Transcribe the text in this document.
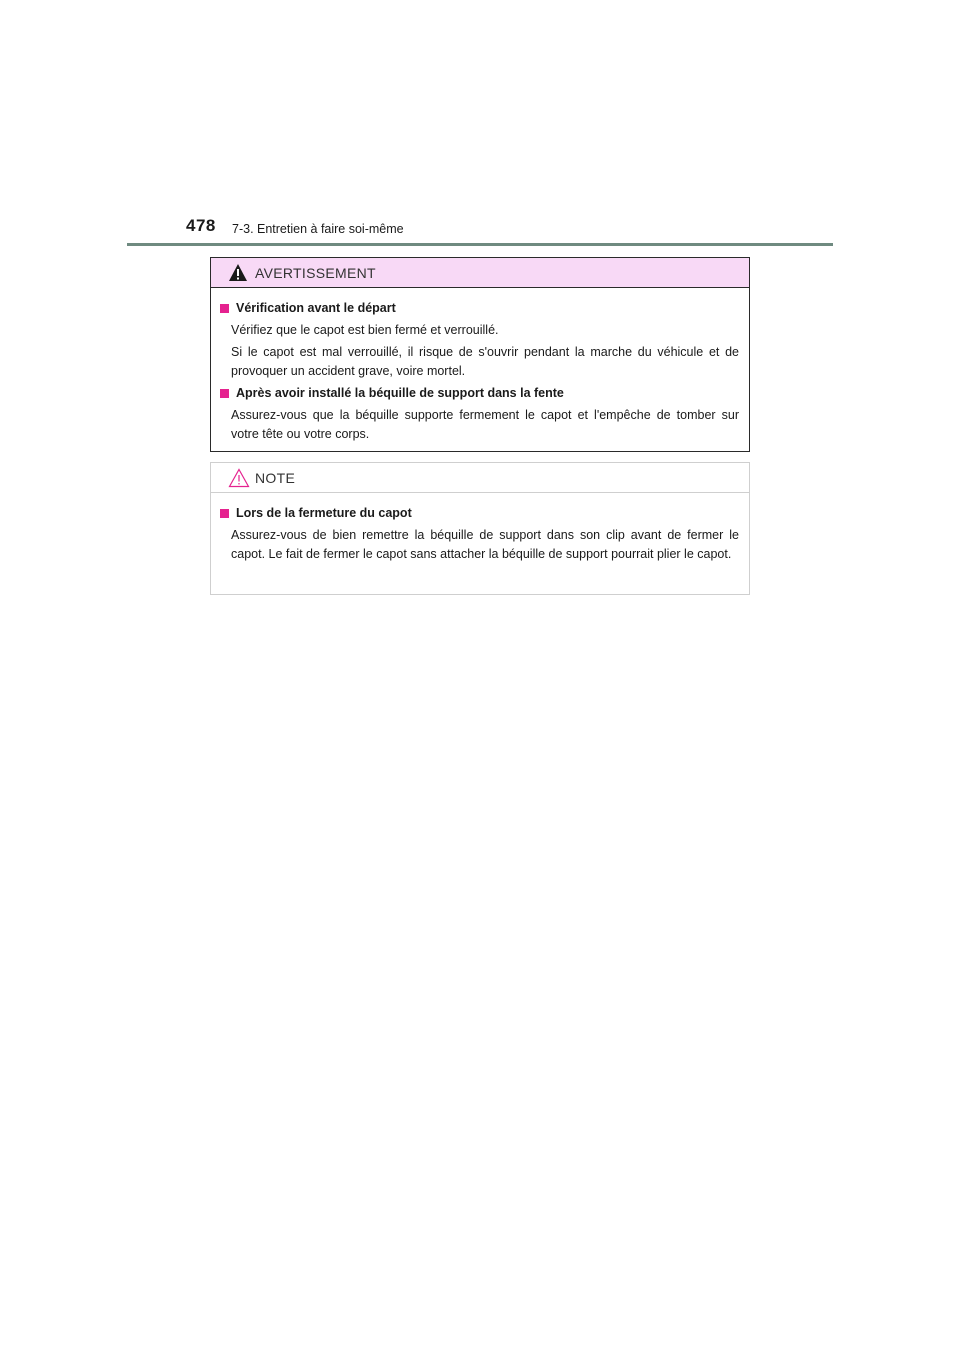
478 7-3. Entretien à faire soi-même
AVERTISSEMENT
Vérification avant le départ
Vérifiez que le capot est bien fermé et verrouillé.
Si le capot est mal verrouillé, il risque de s'ouvrir pendant la marche du véhicule et de provoquer un accident grave, voire mortel.
Après avoir installé la béquille de support dans la fente
Assurez-vous que la béquille supporte fermement le capot et l'empêche de tomber sur votre tête ou votre corps.
NOTE
Lors de la fermeture du capot
Assurez-vous de bien remettre la béquille de support dans son clip avant de fermer le capot. Le fait de fermer le capot sans attacher la béquille de support pourrait plier le capot.
